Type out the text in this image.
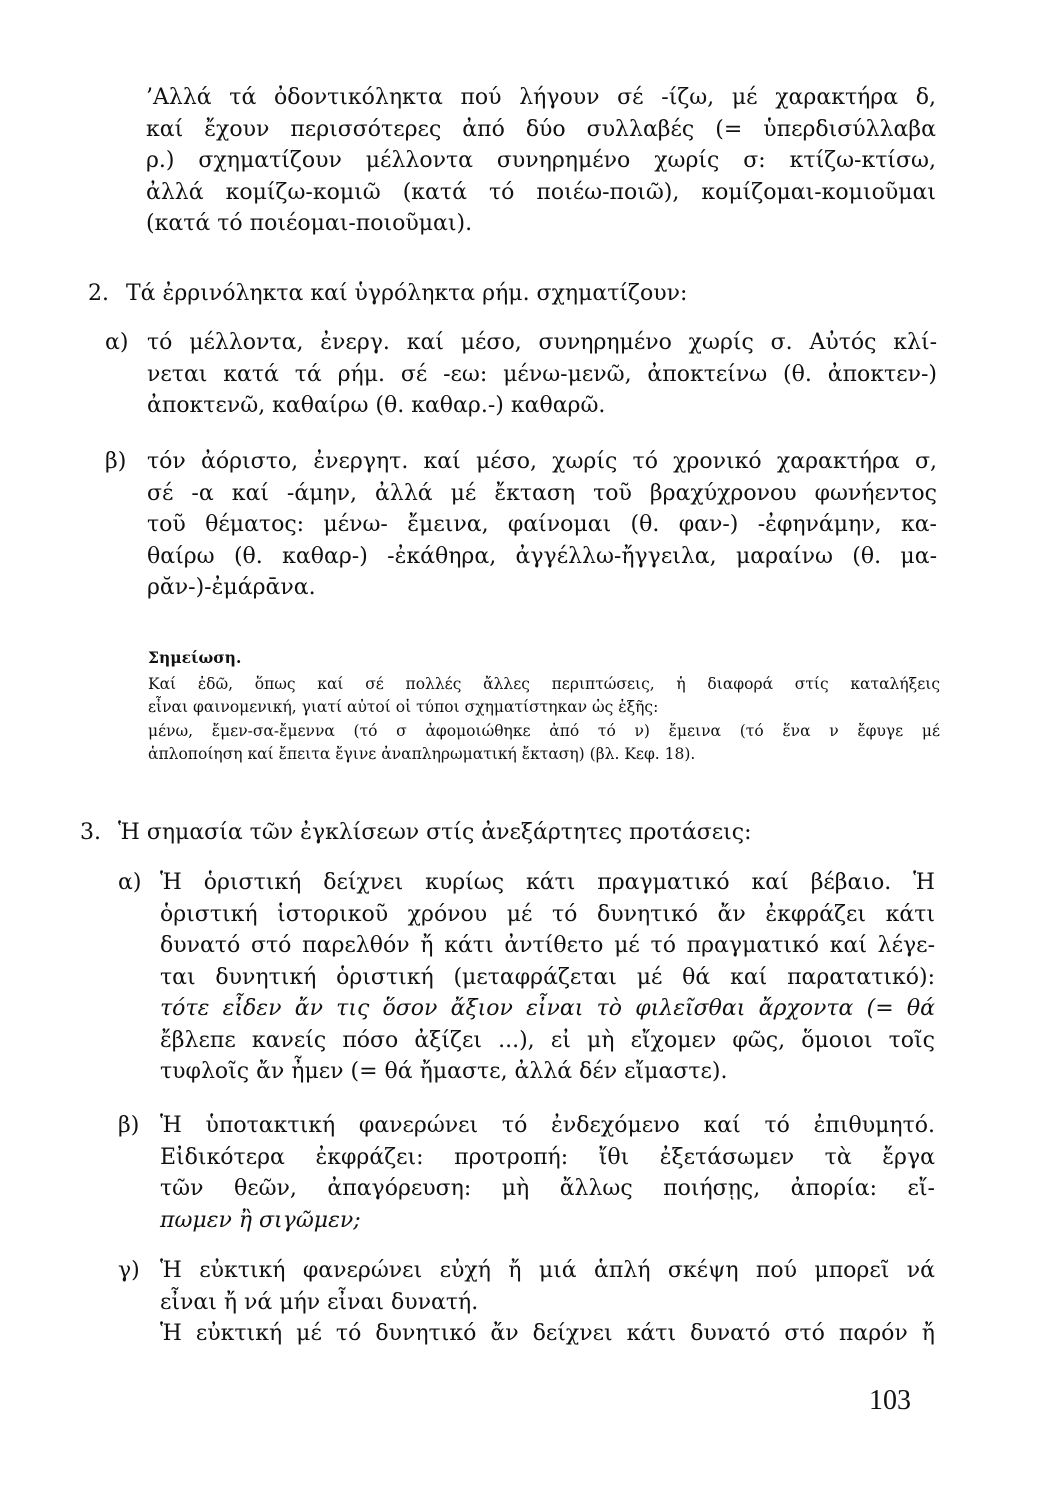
’Αλλά τά ὀδοντικόληκτα πού λήγουν σέ -ίζω, μέ χαρακτήρα δ,

καί ἔχουν περισσότερες ἀπό δύο συλλαβές (= ὑπερδισύλλαβα

ρ.) σχηματίζουν μέλλοντα συνηρημένο χωρίς σ: κτίζω-κτίσω,

ἀλλά κομίζω-κομιῶ (κατά τό ποιέω-ποιῶ), κομίζομαι-κομιοῦμαι

(κατά τό ποιέομαι-ποιοῦμαι).

2. Τά ἐρρινόληκτα καί ὑγρόληκτα ρήμ. σχηματίζουν:
α) τό μέλλοντα, ἐνεργ. καί μέσο, συνηρημένο χωρίς σ. Αὐτός κλί-

νεται κατά τά ρήμ. σέ -εω: μένω-μενῶ, ἀποκτείνω (θ. ἀποκτεν-)

ἀποκτενῶ, καθαίρω (θ. καθαρ.-) καθαρῶ.

β) τόν ἀόριστο, ἐνεργητ. καί μέσο, χωρίς τό χρονικό χαρακτήρα σ,

σέ -α καί -άμην, ἀλλά μέ ἔκταση τοῦ βραχύχρονου φωνήεντος

τοῦ θέματος: μένω- ἔμεινα, φαίνομαι (θ. φαν-) -ἐφηνάμην, κα-

θαίρω (θ. καθαρ-) -ἐκάθηρα, ἀγγέλλω-ἤγγειλα, μαραίνω (θ. μα-

ρᾰν-)-ἐμάρᾱνα.

Σημείωση.

Καί ἐδῶ, ὅπως καί σέ πολλές ἄλλες περιπτώσεις, ἡ διαφορά στίς καταλήξεις

εἶναι φαινομενική, γιατί αὐτοί οἱ τύποι σχηματίστηκαν ὡς ἑξῆς:

μένω, ἔμεν-σα-ἔμεννα (τό σ ἀφομοιώθηκε ἀπό τό ν) ἔμεινα (τό ἕνα ν ἔφυγε μέ

ἁπλοποίηση καί ἔπειτα ἔγινε ἀναπληρωματική ἔκταση) (βλ. Κεφ. 18).

3. Ἡ σημασία τῶν ἐγκλίσεων στίς ἀνεξάρτητες προτάσεις:
α) Ἡ ὁριστική δείχνει κυρίως κάτι πραγματικό καί βέβαιο. Ἡ

ὁριστική ἱστορικοῦ χρόνου μέ τό δυνητικό ἄν ἐκφράζει κάτι

δυνατό στό παρελθόν ἤ κάτι ἀντίθετο μέ τό πραγματικό καί λέγε-

ται δυνητική ὁριστική (μεταφράζεται μέ θά καί παρατατικό):

τότε εἶδεν ἄν τις ὅσον ἄξιον εἶναι τὸ φιλεῖσθαι ἄρχοντα (= θά

ἔβλεπε κανείς πόσο ἀξίζει ...), εἰ μὴ εἴχομεν φῶς, ὅμοιοι τοῖς

τυφλοῖς ἄν ἦμεν (= θά ἤμαστε, ἀλλά δέν εἴμαστε).

β) Ἡ ὑποτακτική φανερώνει τό ἐνδεχόμενο καί τό ἐπιθυμητό.

Εἰδικότερα ἐκφράζει: προτροπή: ἴθι ἐξετάσωμεν τὰ ἔργα

τῶν θεῶν, ἀπαγόρευση: μὴ ἄλλως ποιήσῃς, ἀπορία: εἴ-

πωμεν ἢ σιγῶμεν;

γ) Ἡ εὐκτική φανερώνει εὐχή ἤ μιά ἁπλή σκέψη πού μπορεῖ νά

εἶναι ἤ νά μήν εἶναι δυνατή.

Ἡ εὐκτική μέ τό δυνητικό ἄν δείχνει κάτι δυνατό στό παρόν ἤ

103
